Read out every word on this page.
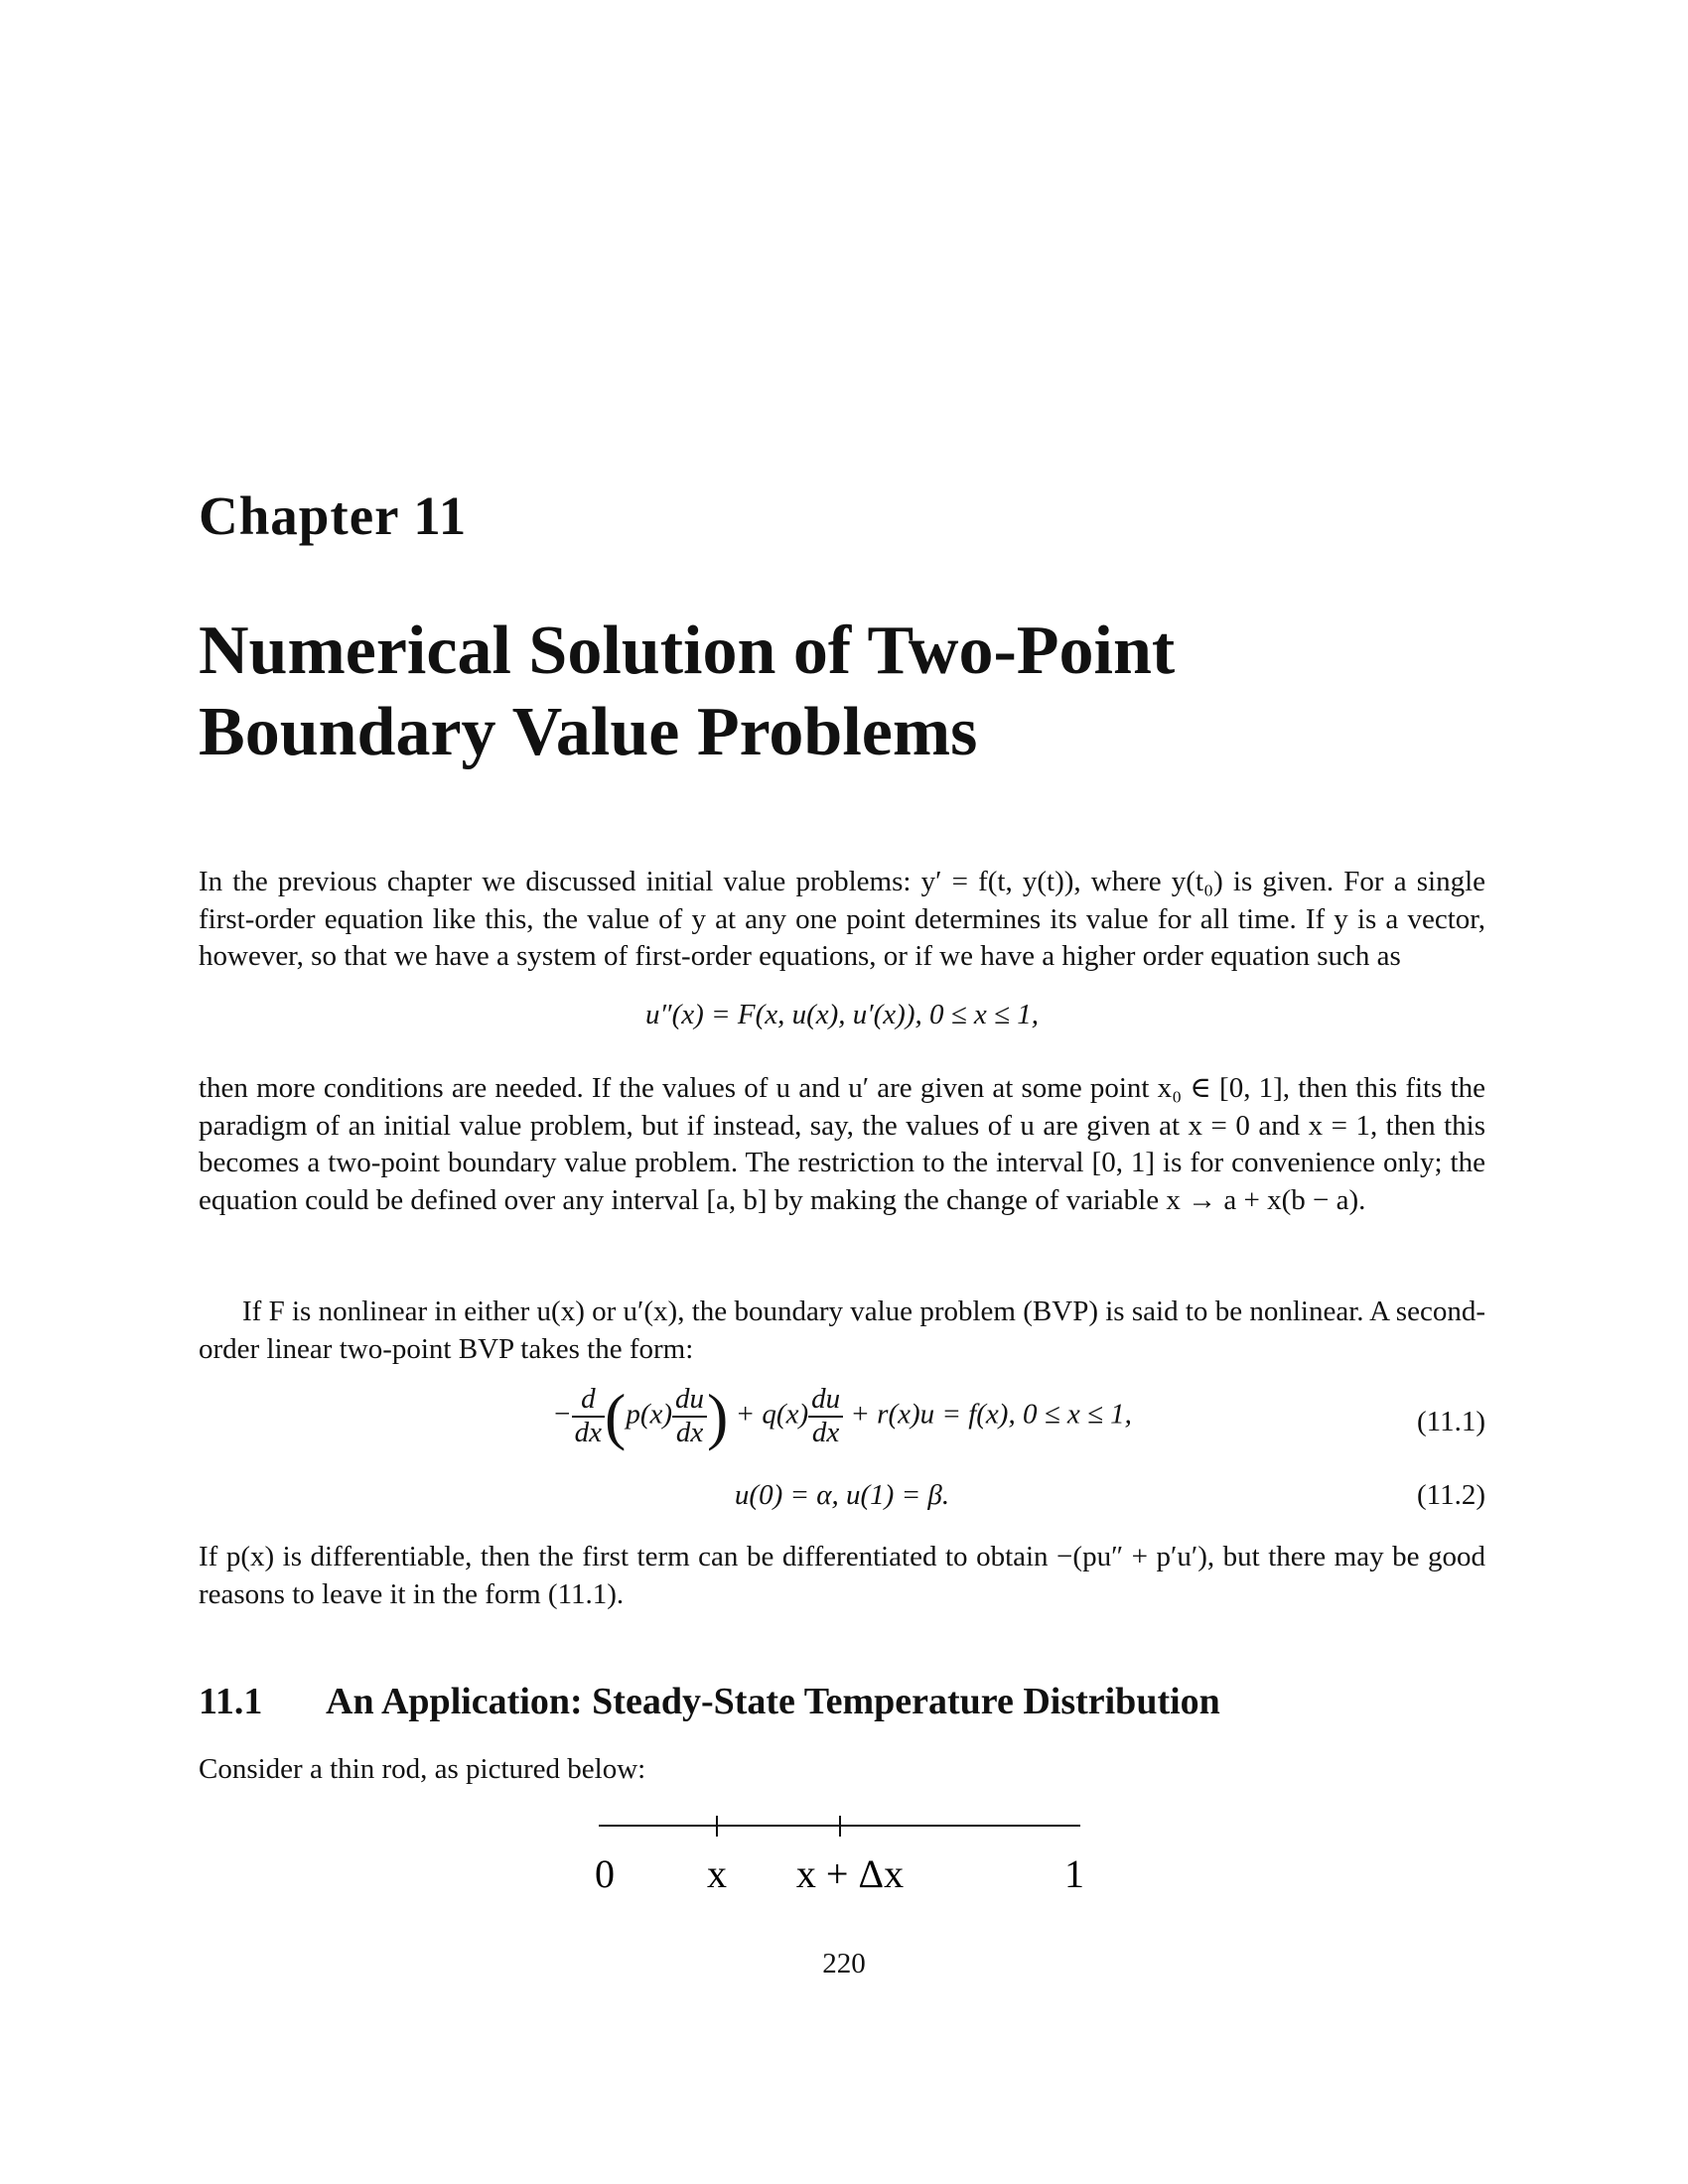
Chapter 11
Numerical Solution of Two-Point Boundary Value Problems
In the previous chapter we discussed initial value problems: y′ = f(t, y(t)), where y(t₀) is given. For a single first-order equation like this, the value of y at any one point determines its value for all time. If y is a vector, however, so that we have a system of first-order equations, or if we have a higher order equation such as
u″(x) = F(x, u(x), u′(x)), 0 ≤ x ≤ 1,
then more conditions are needed. If the values of u and u′ are given at some point x₀ ∈ [0, 1], then this fits the paradigm of an initial value problem, but if instead, say, the values of u are given at x = 0 and x = 1, then this becomes a two-point boundary value problem. The restriction to the interval [0, 1] is for convenience only; the equation could be defined over any interval [a, b] by making the change of variable x → a + x(b − a).
If F is nonlinear in either u(x) or u′(x), the boundary value problem (BVP) is said to be nonlinear. A second-order linear two-point BVP takes the form:
− $\frac{d}{dx} (p(x) \frac{du}{dx}$ ) + $q(x) \frac{du}{dx} + r(x)u = f(x)$, 0 ≤ x ≤ 1,	(11.1)
u(0) = α, u(1) = β.	(11.2)
If p(x) is differentiable, then the first term can be differentiated to obtain −(pu″ + p′u′), but there may be good reasons to leave it in the form (11.1).
11.1 An Application: Steady-State Temperature Distribution
Consider a thin rod, as pictured below:
0 x x + Δx	1
220
